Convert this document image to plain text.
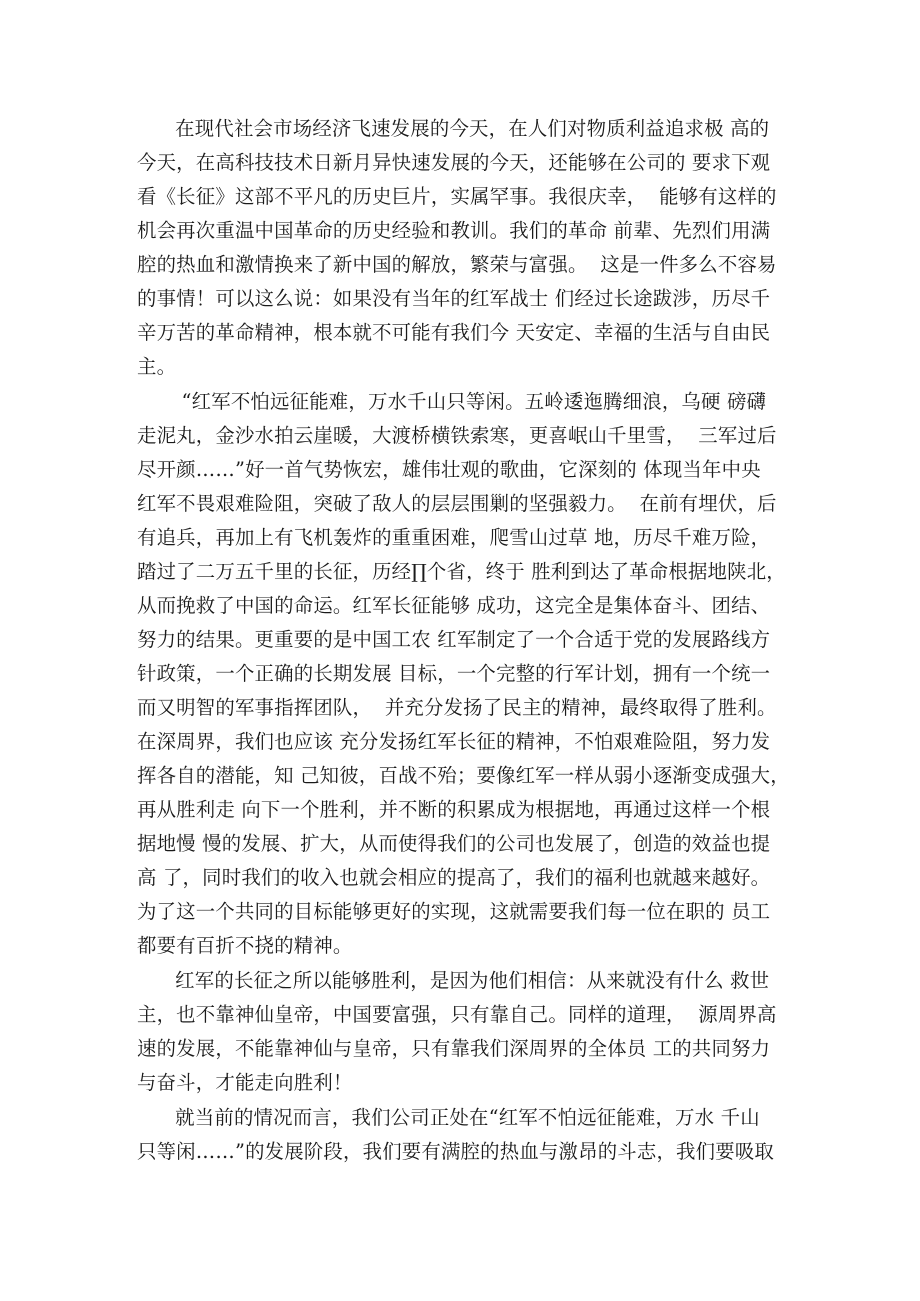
在现代社会市场经济飞速发展的今天，在人们对物质利益追求极 高的
今天，在高科技技术日新月异快速发展的今天，还能够在公司的 要求下观
看《长征》这部不平凡的历史巨片，实属罕事。我很庆幸，  能够有这样的
机会再次重温中国革命的历史经验和教训。我们的革命 前辈、先烈们用满
腔的热血和激情换来了新中国的解放，繁荣与富强。  这是一件多么不容易
的事情！可以这么说：如果没有当年的红军战士 们经过长途跋涉，历尽千
辛万苦的革命精神，根本就不可能有我们今 天安定、幸福的生活与自由民
主。
“红军不怕远征能难，万水千山只等闲。五岭逶迤腾细浪，乌硬 磅礴
走泥丸，金沙水拍云崖暖，大渡桥横铁索寒，更喜岷山千里雪，  三军过后
尽开颜……”好一首气势恢宏，雄伟壮观的歌曲，它深刻的 体现当年中央
红军不畏艰难险阻，突破了敌人的层层围剿的坚强毅力。  在前有埋伏，后
有追兵，再加上有飞机轰炸的重重困难，爬雪山过草 地，历尽千难万险，
踏过了二万五千里的长征，历经∏个省，终于 胜利到达了革命根据地陕北，
从而挽救了中国的命运。红军长征能够 成功，这完全是集体奋斗、团结、
努力的结果。更重要的是中国工农 红军制定了一个合适于党的发展路线方
针政策，一个正确的长期发展 目标，一个完整的行军计划，拥有一个统一
而又明智的军事指挥团队，  并充分发扬了民主的精神，最终取得了胜利。
在深周界，我们也应该 充分发扬红军长征的精神，不怕艰难险阻，努力发
挥各自的潜能，知 己知彼，百战不殆；要像红军一样从弱小逐渐变成强大，
再从胜利走 向下一个胜利，并不断的积累成为根据地，再通过这样一个根
据地慢 慢的发展、扩大，从而使得我们的公司也发展了，创造的效益也提
高 了，同时我们的收入也就会相应的提高了，我们的福利也就越来越好。
为了这一个共同的目标能够更好的实现，这就需要我们每一位在职的 员工
都要有百折不挠的精神。
红军的长征之所以能够胜利，是因为他们相信：从来就没有什么 救世
主，也不靠神仙皇帝，中国要富强，只有靠自己。同样的道理，  源周界高
速的发展，不能靠神仙与皇帝，只有靠我们深周界的全体员 工的共同努力
与奋斗，才能走向胜利！
就当前的情况而言，我们公司正处在“红军不怕远征能难，万水 千山
只等闲……”的发展阶段，我们要有满腔的热血与激昂的斗志，我们要吸取
